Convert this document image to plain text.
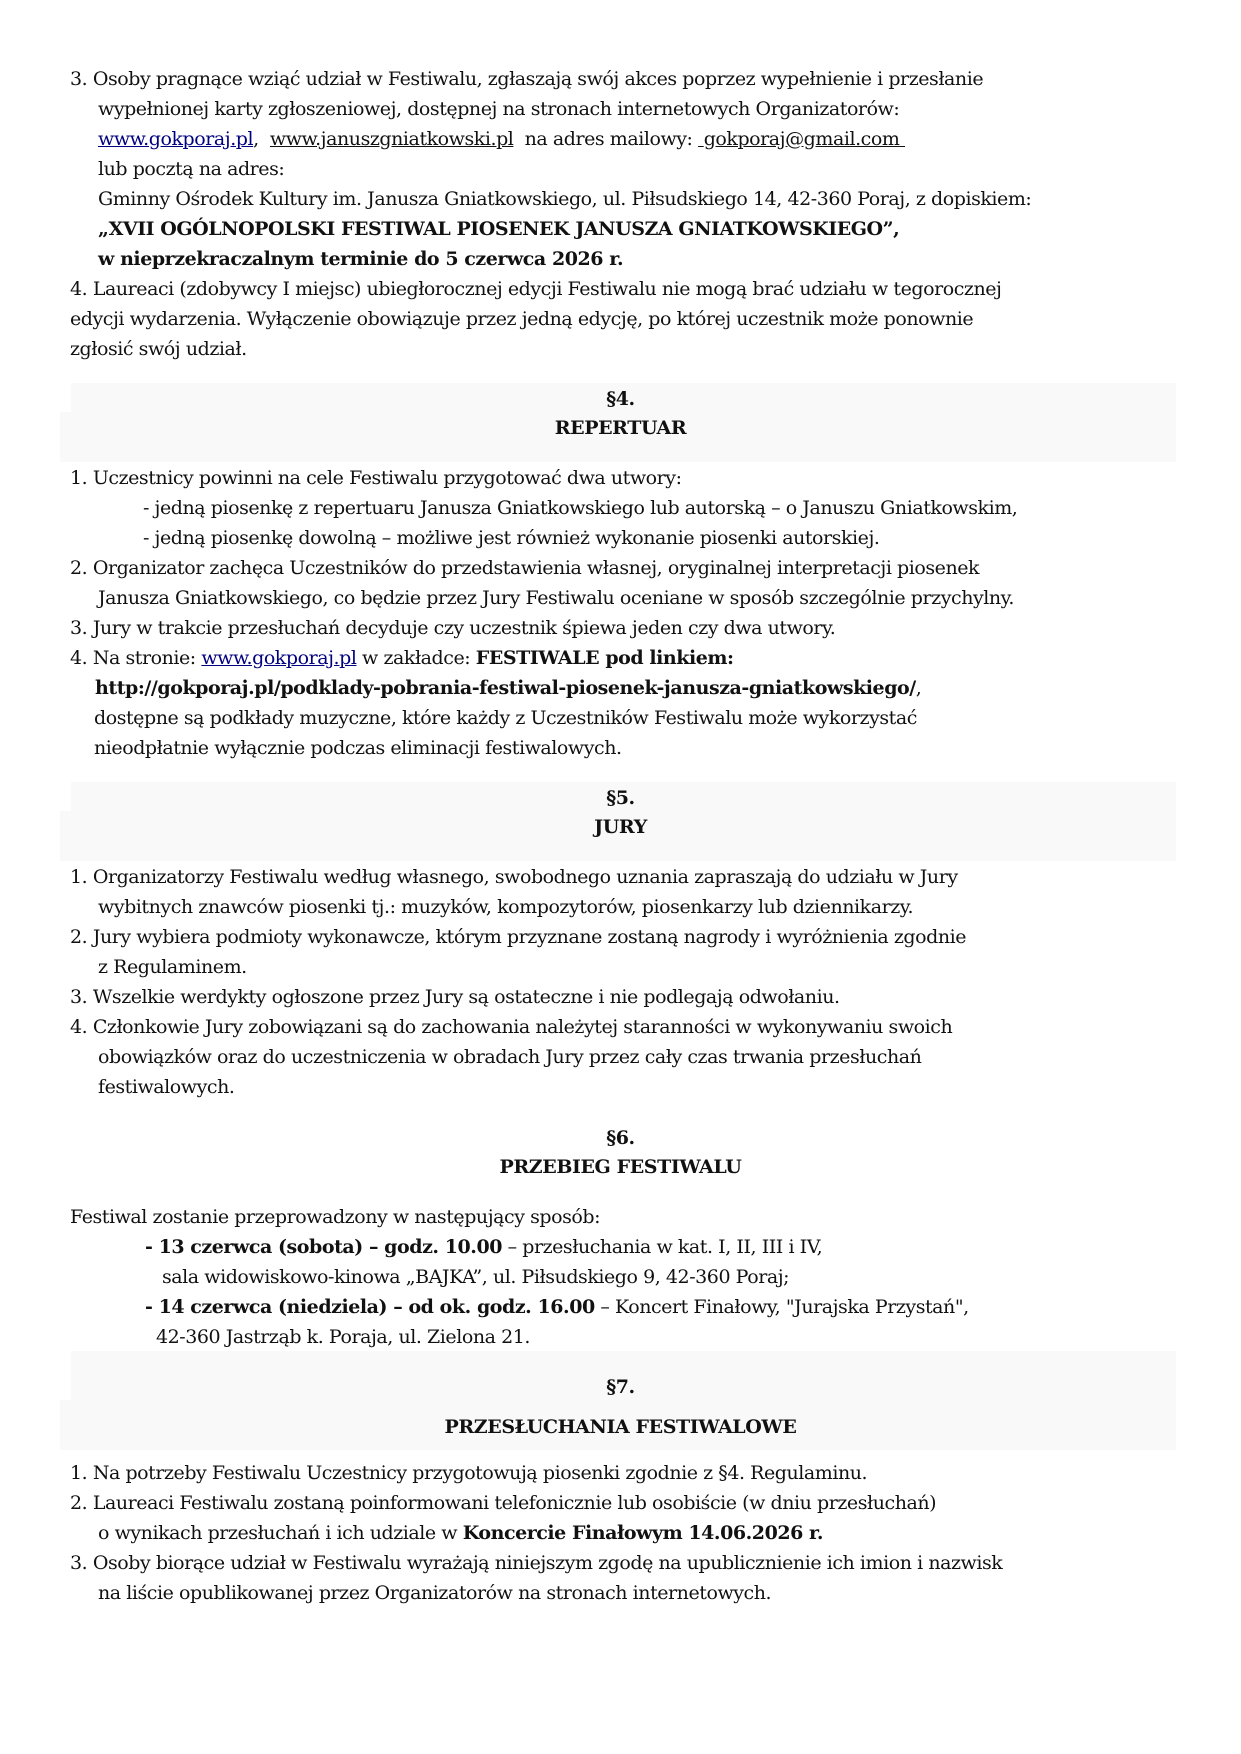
3. Osoby pragnące wziąć udział w Festiwalu, zgłaszają swój akces poprzez wypełnienie i przesłanie
wypełnionej karty zgłoszeniowej, dostępnej na stronach internetowych Organizatorów:
www.gokporaj.pl, www.januszgniatkowski.pl na adres mailowy: gokporaj@gmail.com
lub pocztą na adres:
Gminny Ośrodek Kultury im. Janusza Gniatkowskiego, ul. Piłsudskiego 14, 42-360 Poraj, z dopiskiem:
„XVII OGÓLNOPOLSKI FESTIWAL PIOSENEK JANUSZA GNIATKOWSKIEGO”,
w nieprzekraczalnym terminie do 5 czerwca 2026 r.
4. Laureaci (zdobywcy I miejsc) ubiegłorocznej edycji Festiwalu nie mogą brać udziału w tegorocznej
edycji wydarzenia. Wyłączenie obowiązuje przez jedną edycję, po której uczestnik może ponownie
zgłosić swój udział.
§4.
REPERTUAR
1. Uczestnicy powinni na cele Festiwalu przygotować dwa utwory:
- jedną piosenkę z repertuaru Janusza Gniatkowskiego lub autorską – o Januszu Gniatkowskim,
- jedną piosenkę dowolną – możliwe jest również wykonanie piosenki autorskiej.
2. Organizator zachęca Uczestników do przedstawienia własnej, oryginalnej interpretacji piosenek
Janusza Gniatkowskiego, co będzie przez Jury Festiwalu oceniane w sposób szczególnie przychylny.
3. Jury w trakcie przesłuchań decyduje czy uczestnik śpiewa jeden czy dwa utwory.
4. Na stronie: www.gokporaj.pl w zakładce: FESTIWALE pod linkiem:
http://gokporaj.pl/podklady-pobrania-festiwal-piosenek-janusza-gniatkowskiego/,
dostępne są podkłady muzyczne, które każdy z Uczestników Festiwalu może wykorzystać
nieodpłatnie wyłącznie podczas eliminacji festiwalowych.
§5.
JURY
1. Organizatorzy Festiwalu według własnego, swobodnego uznania zapraszają do udziału w Jury
wybitnych znawców piosenki tj.: muzyków, kompozytorów, piosenkarzy lub dziennikarzy.
2. Jury wybiera podmioty wykonawcze, którym przyznane zostaną nagrody i wyróżnienia zgodnie
z Regulaminem.
3. Wszelkie werdykty ogłoszone przez Jury są ostateczne i nie podlegają odwołaniu.
4. Członkowie Jury zobowiązani są do zachowania należytej staranności w wykonywaniu swoich
obowiązków oraz do uczestniczenia w obradach Jury przez cały czas trwania przesłuchań
festiwalowych.
§6.
PRZEBIEG FESTIWALU
Festiwal zostanie przeprowadzony w następujący sposób:
- 13 czerwca (sobota) – godz. 10.00 – przesłuchania w kat. I, II, III i IV,
sala widowiskowo-kinowa „BAJKA”, ul. Piłsudskiego 9, 42-360 Poraj;
- 14 czerwca (niedziela) – od ok. godz. 16.00 – Koncert Finałowy, "Jurajska Przystań",
42-360 Jastrząb k. Poraja, ul. Zielona 21.
§7.
PRZESŁUCHANIA FESTIWALOWE
1. Na potrzeby Festiwalu Uczestnicy przygotowują piosenki zgodnie z §4. Regulaminu.
2. Laureaci Festiwalu zostaną poinformowani telefonicznie lub osobiście (w dniu przesłuchań)
o wynikach przesłuchań i ich udziale w Koncercie Finałowym 14.06.2026 r.
3. Osoby biorące udział w Festiwalu wyrażają niniejszym zgodę na upublicznienie ich imion i nazwisk
na liście opublikowanej przez Organizatorów na stronach internetowych.
